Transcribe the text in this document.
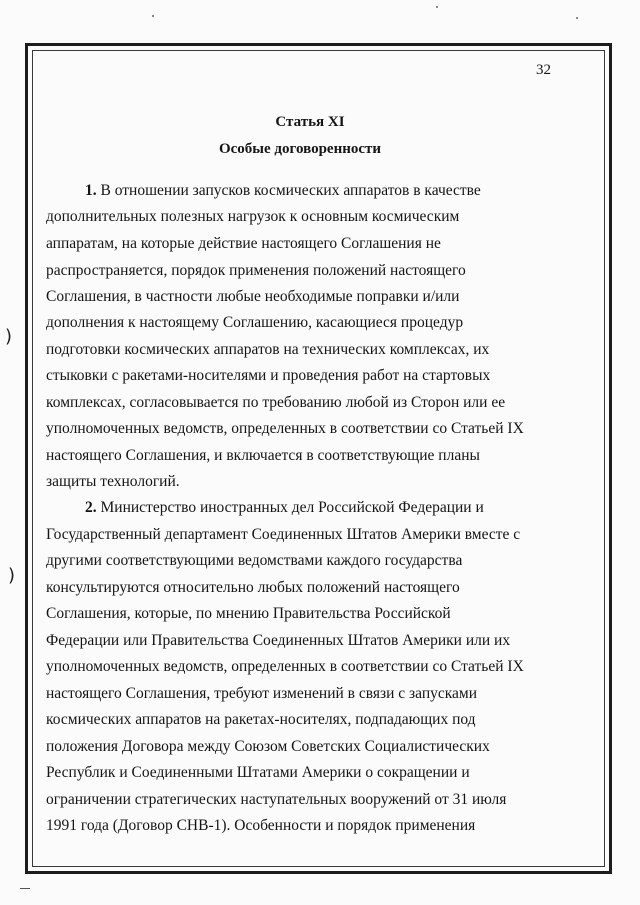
32
Статья XI
Особые договоренности
1. В отношении запусков космических аппаратов в качестве
дополнительных полезных нагрузок к основным космическим
аппаратам, на которые действие настоящего Соглашения не
распространяется, порядок применения положений настоящего
Соглашения, в частности любые необходимые поправки и/или
дополнения к настоящему Соглашению, касающиеся процедур
подготовки космических аппаратов на технических комплексах, их
стыковки с ракетами-носителями и проведения работ на стартовых
комплексах, согласовывается по требованию любой из Сторон или ее
уполномоченных ведомств, определенных в соответствии со Статьей IX
настоящего Соглашения, и включается в соответствующие планы
защиты технологий.
2. Министерство иностранных дел Российской Федерации и
Государственный департамент Соединенных Штатов Америки вместе с
другими соответствующими ведомствами каждого государства
консультируются относительно любых положений настоящего
Соглашения, которые, по мнению Правительства Российской
Федерации или Правительства Соединенных Штатов Америки или их
уполномоченных ведомств, определенных в соответствии со Статьей IX
настоящего Соглашения, требуют изменений в связи с запусками
космических аппаратов на ракетах-носителях, подпадающих под
положения Договора между Союзом Советских Социалистических
Республик и Соединенными Штатами Америки о сокращении и
ограничении стратегических наступательных вооружений от 31 июля
1991 года (Договор СНВ-1). Особенности и порядок применения
)
)
